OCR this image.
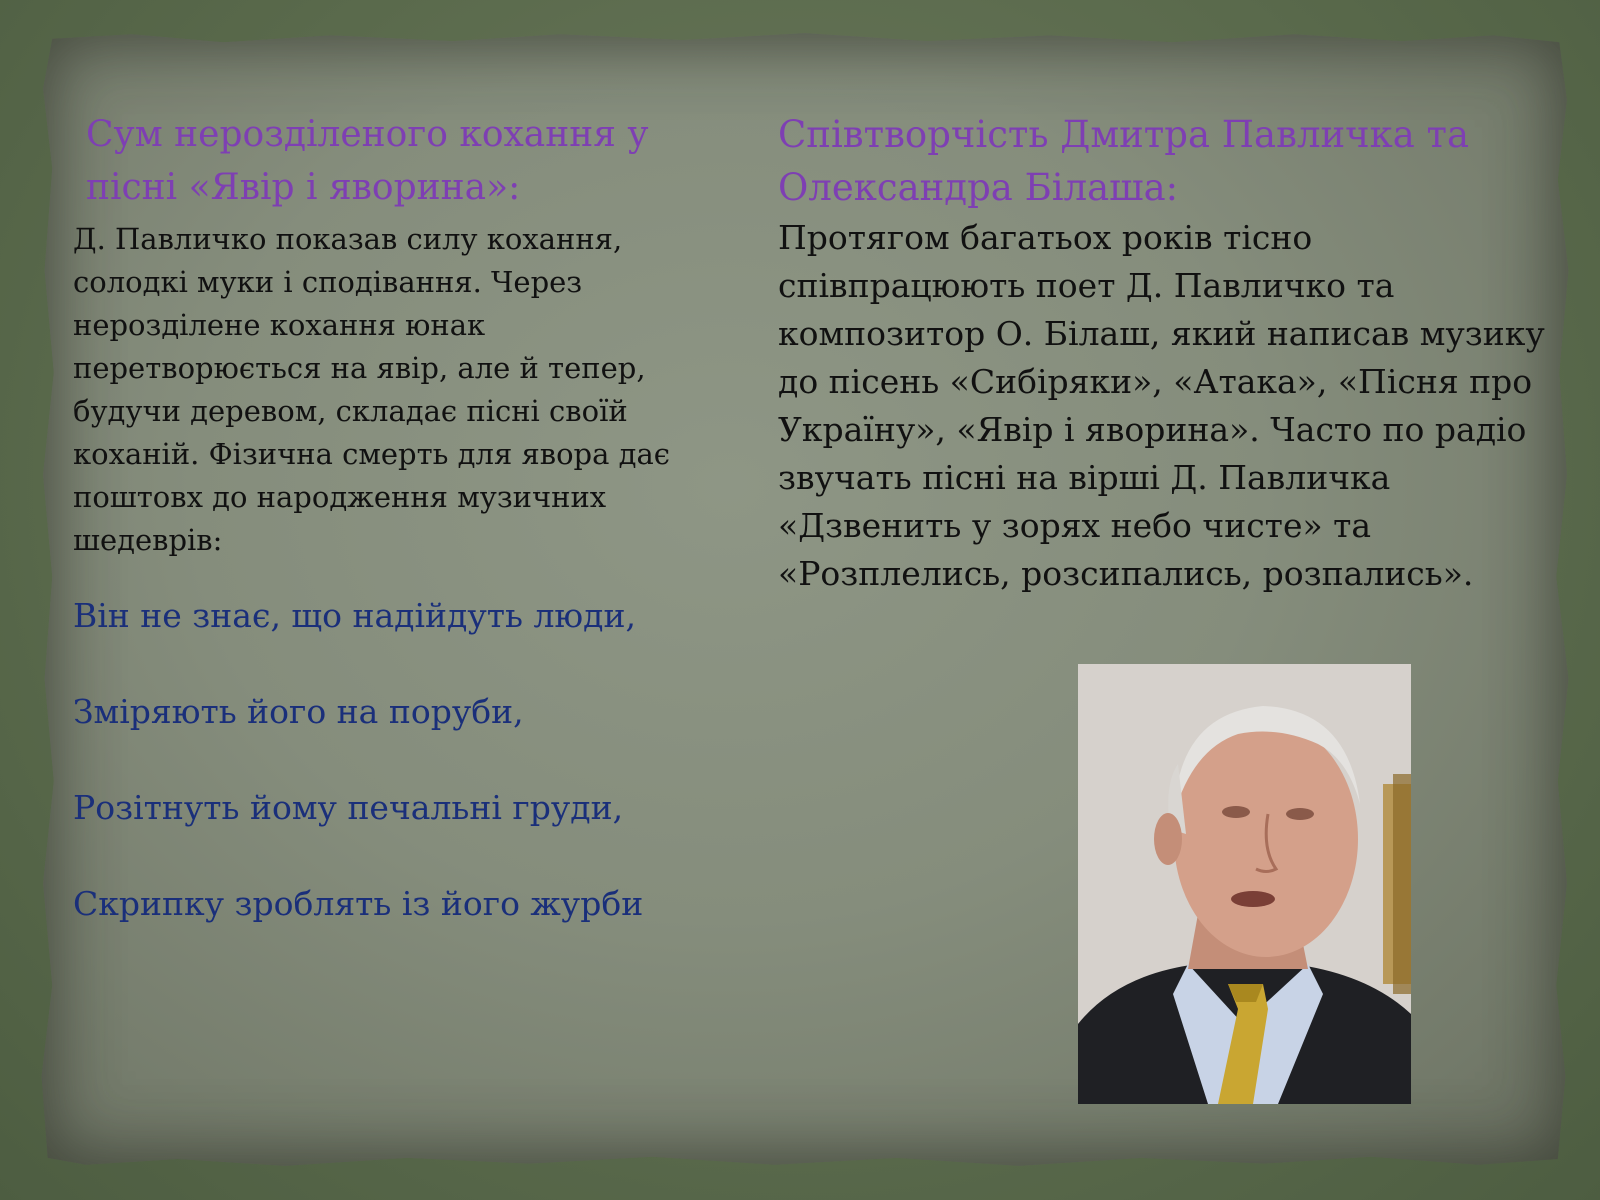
Сум нерозділеного кохання у пісні «Явір і яворина»:

Д. Павличко показав силу кохання, солодкі муки і сподівання. Через нерозділене кохання юнак перетворюється на явір, але й тепер, будучи деревом, складає пісні своїй коханій. Фізична смерть для явора дає поштовх до народження музичних шедеврів:

Він не знає, що надійдуть люди,

Зміряють його на поруби,

Розітнуть йому печальні груди,

Скрипку зроблять із його журби

Співтворчість Дмитра Павличка та Олександра Білаша:

Протягом багатьох років тісно співпрацюють поет Д. Павличко та композитор О. Білаш, який написав музику до пісень «Сибіряки», «Атака», «Пісня про Україну», «Явір і яворина». Часто по радіо звучать пісні на вірші Д. Павличка «Дзвенить у зорях небо чисте» та «Розплелись, розсипались, розпались».
